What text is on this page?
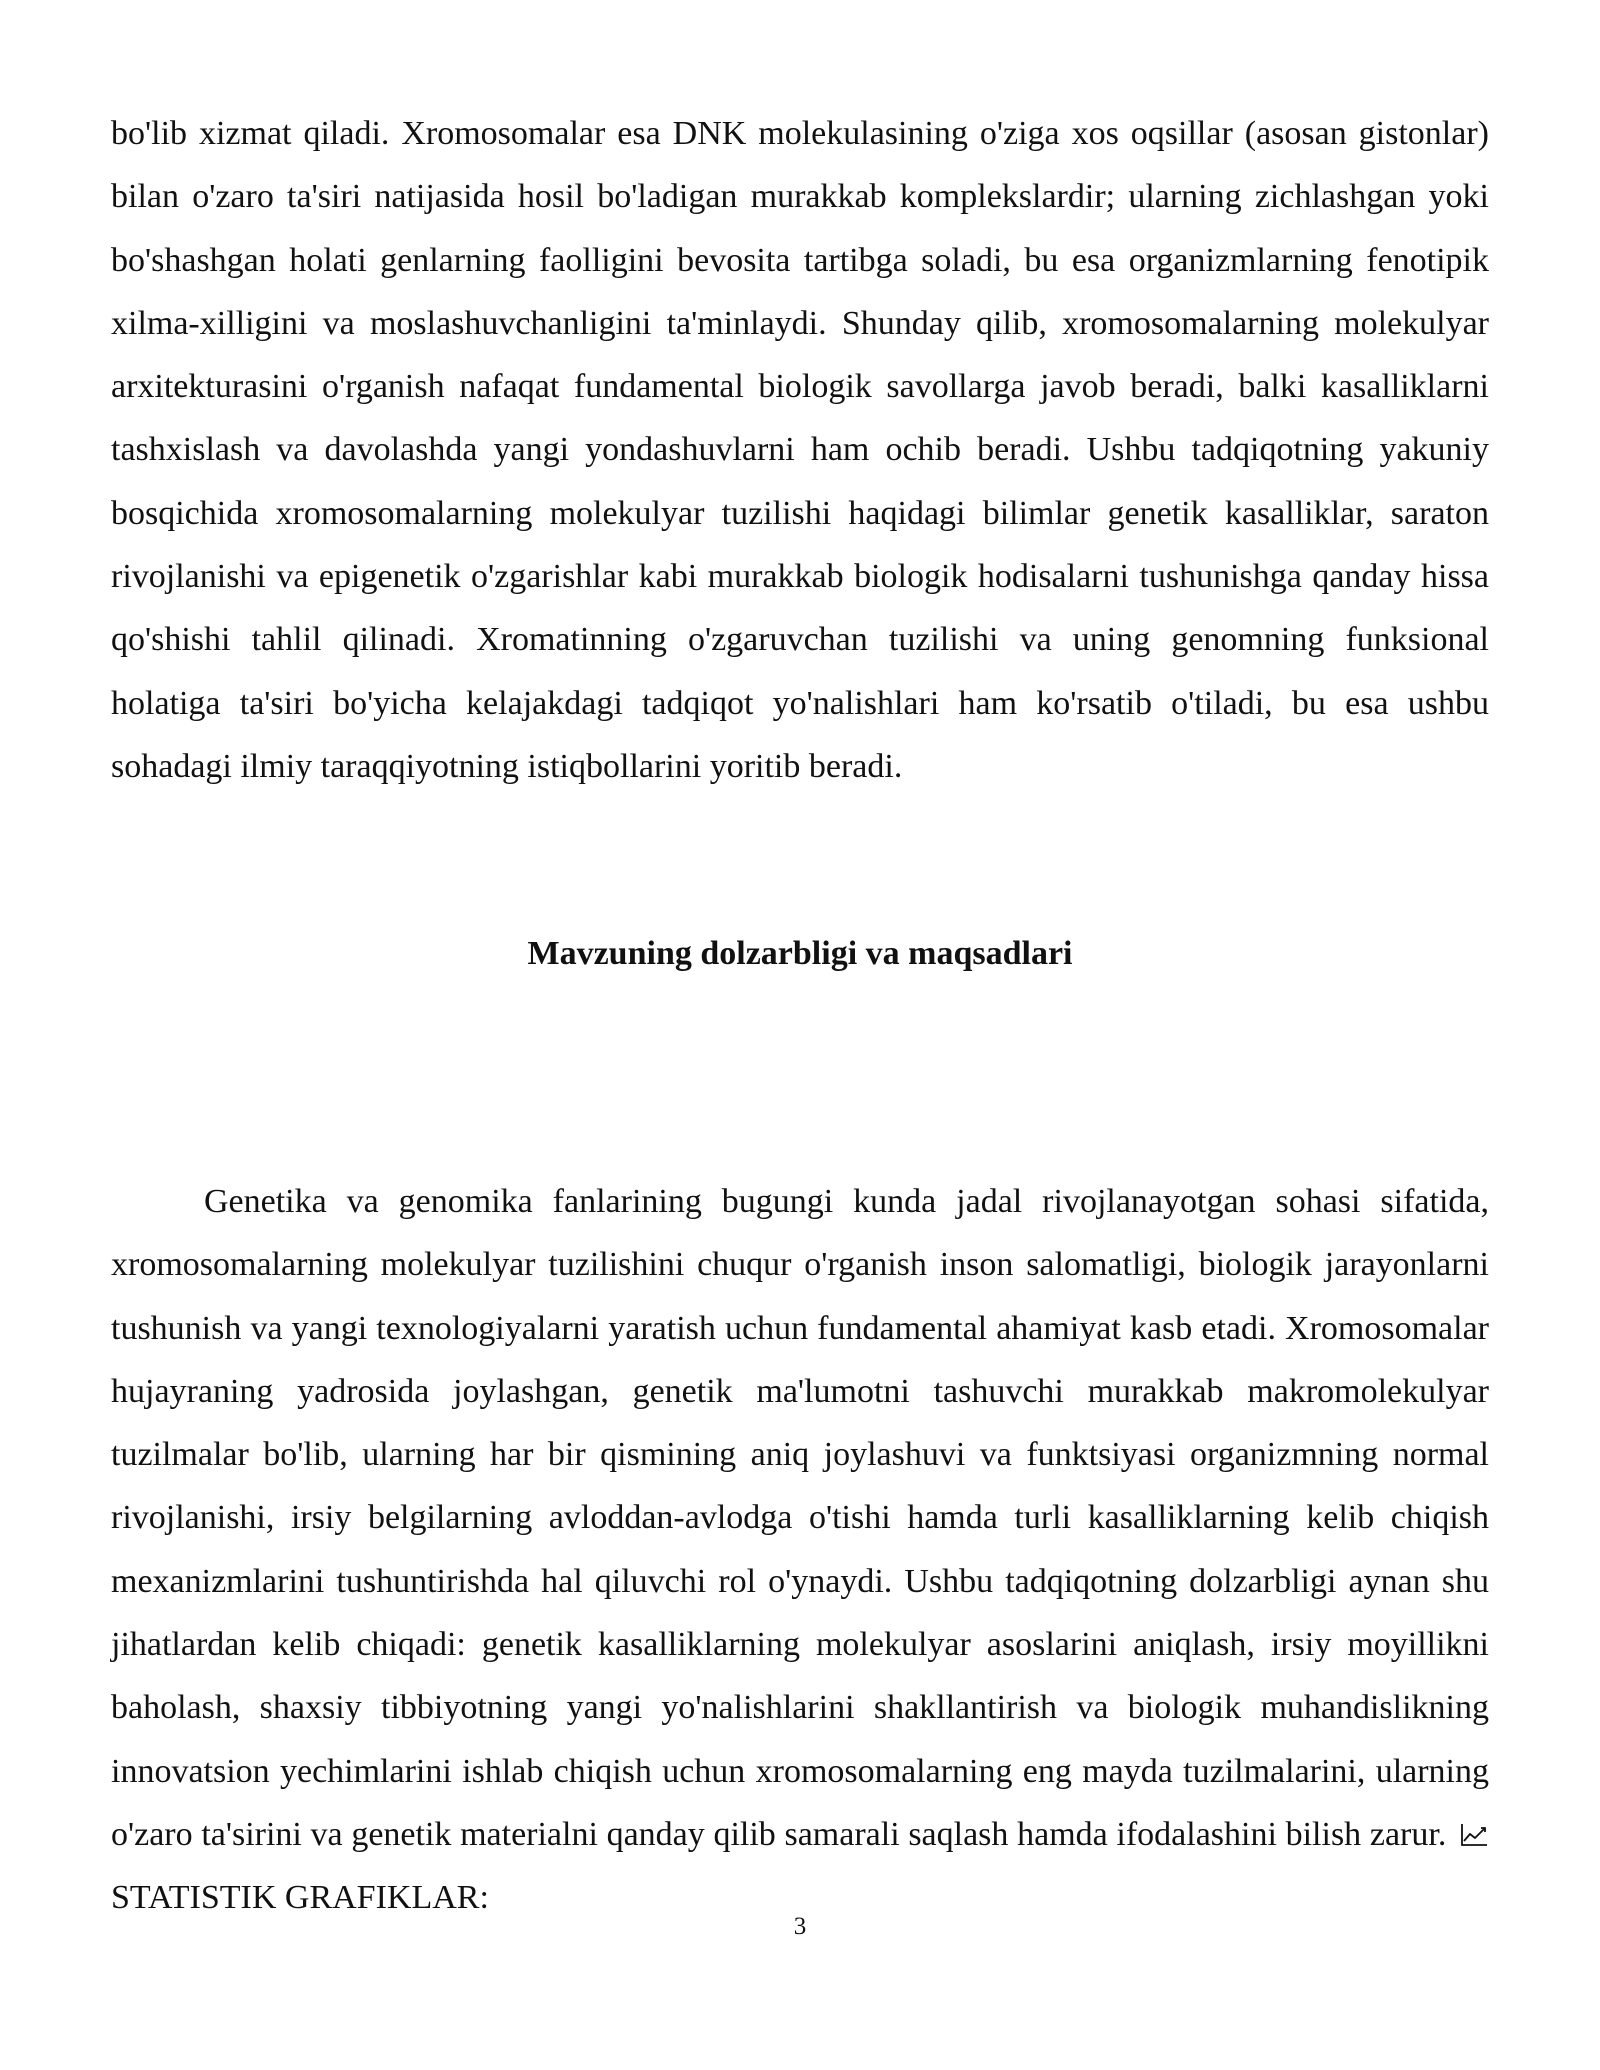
bo'lib xizmat qiladi. Xromosomalar esa DNK molekulasining o'ziga xos oqsillar (asosan gistonlar) bilan o'zaro ta'siri natijasida hosil bo'ladigan murakkab komplekslardir; ularning zichlashgan yoki bo'shashgan holati genlarning faolligini bevosita tartibga soladi, bu esa organizmlarning fenotipik xilma-xilligini va moslashuvchanligini ta'minlaydi. Shunday qilib, xromosomalarning molekulyar arxitekturasini o'rganish nafaqat fundamental biologik savollarga javob beradi, balki kasalliklarni tashxislash va davolashda yangi yondashuvlarni ham ochib beradi. Ushbu tadqiqotning yakuniy bosqichida xromosomalarning molekulyar tuzilishi haqidagi bilimlar genetik kasalliklar, saraton rivojlanishi va epigenetik o'zgarishlar kabi murakkab biologik hodisalarni tushunishga qanday hissa qo'shishi tahlil qilinadi. Xromatinning o'zgaruvchan tuzilishi va uning genomning funksional holatiga ta'siri bo'yicha kelajakdagi tadqiqot yo'nalishlari ham ko'rsatib o'tiladi, bu esa ushbu sohadagi ilmiy taraqqiyotning istiqbollarini yoritib beradi.

Mavzuning dolzarbligi va maqsadlari

Genetika va genomika fanlarining bugungi kunda jadal rivojlanayotgan sohasi sifatida, xromosomalarning molekulyar tuzilishini chuqur o'rganish inson salomatligi, biologik jarayonlarni tushunish va yangi texnologiyalarni yaratish uchun fundamental ahamiyat kasb etadi. Xromosomalar hujayraning yadrosida joylashgan, genetik ma'lumotni tashuvchi murakkab makromolekulyar tuzilmalar bo'lib, ularning har bir qismining aniq joylashuvi va funktsiyasi organizmning normal rivojlanishi, irsiy belgilarning avloddan-avlodga o'tishi hamda turli kasalliklarning kelib chiqish mexanizmlarini tushuntirishda hal qiluvchi rol o'ynaydi. Ushbu tadqiqotning dolzarbligi aynan shu jihatlardan kelib chiqadi: genetik kasalliklarning molekulyar asoslarini aniqlash, irsiy moyillikni baholash, shaxsiy tibbiyotning yangi yo'nalishlarini shakllantirish va biologik muhandislikning innovatsion yechimlarini ishlab chiqish uchun xromosomalarning eng mayda tuzilmalarini, ularning o'zaro ta'sirini va genetik materialni qanday qilib samarali saqlash hamda ifodalashini bilish zarur.
STATISTIK GRAFIKLAR:

3
